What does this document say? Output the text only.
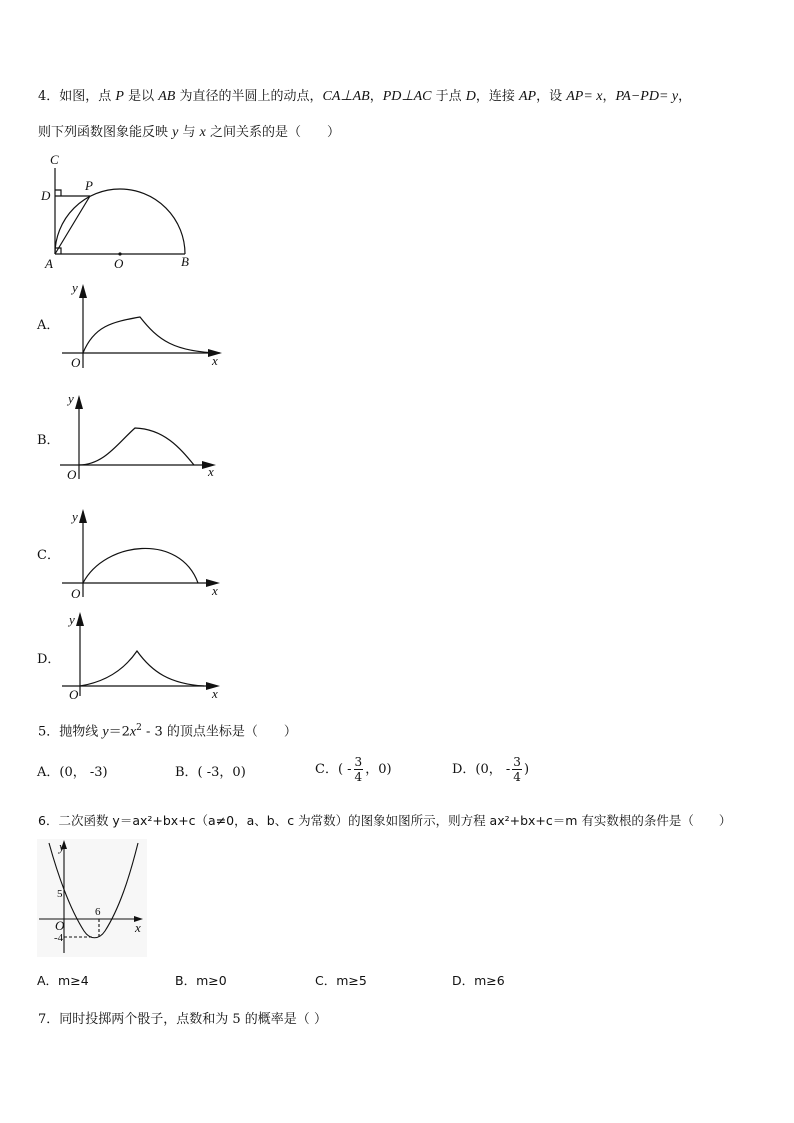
4．如图，点 P 是以 AB 为直径的半圆上的动点，CA⊥AB，PD⊥AC 于点 D，连接 AP，设 AP= x，PA−PD= y，
则下列函数图象能反映 y 与 x 之间关系的是（　　）
C
D
P
A	O	B
A．
y
x
O
B．
y
x
O
C．
y
x
O
D．
y
x
O
5．抛物线 $y=2x^2 - 3$ 的顶点坐标是（　　）
A．(0， -3)	B．( -3，0)	C．( - $\frac{3}{4}$ ，0)	D．(0， - $\frac{3}{4}$ )
6．二次函数 y＝ax²+bx+c（a≠0，a、b、c 为常数）的图象如图所示，则方程 ax²+bx+c＝m 有实数根的条件是（　　）
y
x
O
5
6
-4
A．m≥4	B．m≥0	C．m≥5	D．m≥6
7．同时投掷两个骰子，点数和为 5 的概率是（ ）
